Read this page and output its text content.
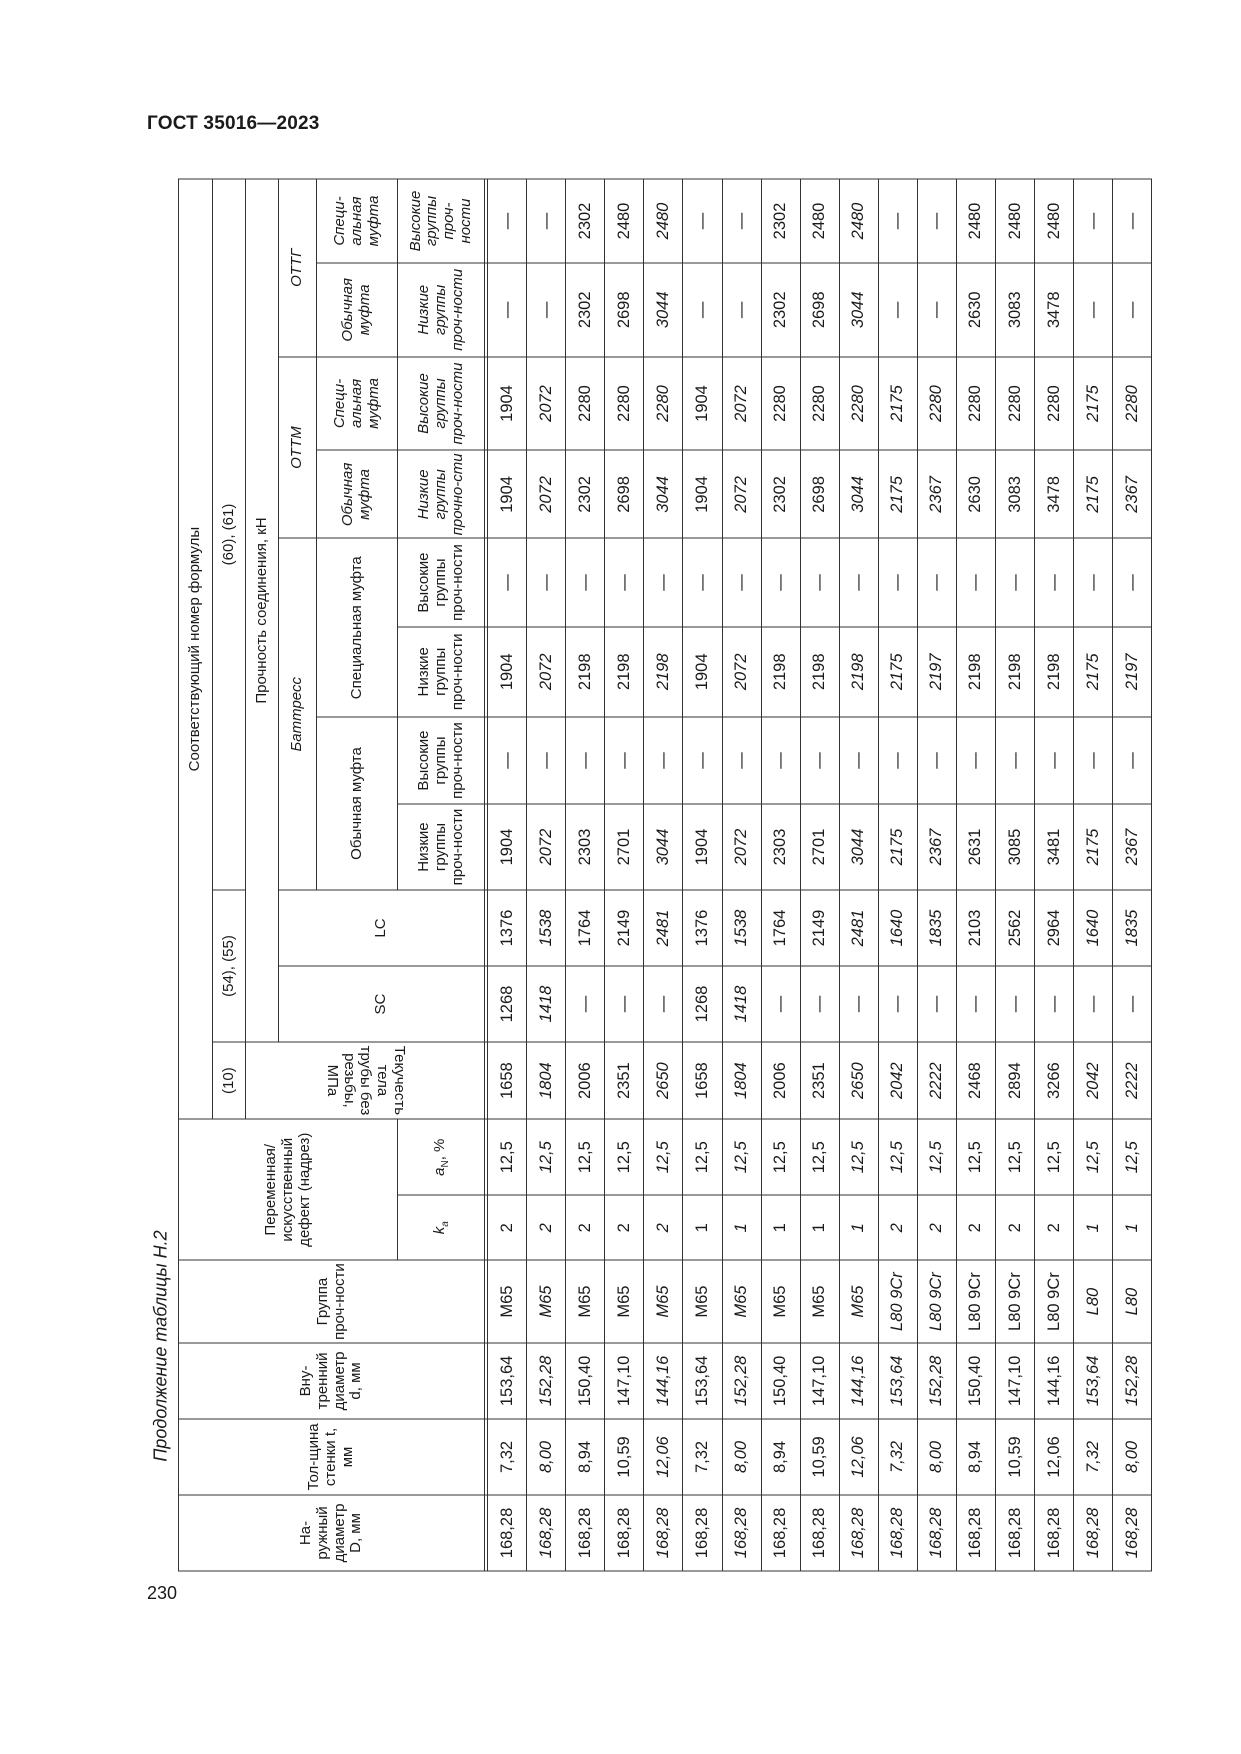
ГОСТ 35016—2023
Продолжение таблицы Н.2
230
На-ружный диаметр D, мм	Тол-щина стенки t, мм	Вну-тренний диаметр d, мм	Группа проч-ности	Переменная/искусственный дефект (надрез)		Соответствующий номер формулы										
						(10)	(54), (55)		(60), (61)							
						Текучесть тела трубы без резьбы, МПа	Прочность соединения, кН									
							SC	LC	Баттресс				ОТТМ		ОТТГ	
									Обычная муфта		Специальная муфта		Обычная муфта	Специ-альная муфта	Обычная муфта	Специ-альная муфта
				$k_a$	$a_N$, %				Низкие группы проч-ности	Высокие группы проч-ности	Низкие группы проч-ности	Высокие группы проч-ности	Низкие группы прочно-сти	Высокие группы проч-ности	Низкие группы проч-ности	Высокие группы проч-ности

168,28	7,32	153,64	М65	2	12,5	1658	1268	1376	1904	—	1904	—	1904	1904	—	—
168,28	8,00	152,28	М65	2	12,5	1804	1418	1538	2072	—	2072	—	2072	2072	—	—
168,28	8,94	150,40	М65	2	12,5	2006	—	1764	2303	—	2198	—	2302	2280	2302	2302
168,28	10,59	147,10	М65	2	12,5	2351	—	2149	2701	—	2198	—	2698	2280	2698	2480
168,28	12,06	144,16	М65	2	12,5	2650	—	2481	3044	—	2198	—	3044	2280	3044	2480
168,28	7,32	153,64	М65	1	12,5	1658	1268	1376	1904	—	1904	—	1904	1904	—	—
168,28	8,00	152,28	М65	1	12,5	1804	1418	1538	2072	—	2072	—	2072	2072	—	—
168,28	8,94	150,40	М65	1	12,5	2006	—	1764	2303	—	2198	—	2302	2280	2302	2302
168,28	10,59	147,10	М65	1	12,5	2351	—	2149	2701	—	2198	—	2698	2280	2698	2480
168,28	12,06	144,16	М65	1	12,5	2650	—	2481	3044	—	2198	—	3044	2280	3044	2480
168,28	7,32	153,64	L80 9Cr	2	12,5	2042	—	1640	2175	—	2175	—	2175	2175	—	—
168,28	8,00	152,28	L80 9Cr	2	12,5	2222	—	1835	2367	—	2197	—	2367	2280	—	—
168,28	8,94	150,40	L80 9Cr	2	12,5	2468	—	2103	2631	—	2198	—	2630	2280	2630	2480
168,28	10,59	147,10	L80 9Cr	2	12,5	2894	—	2562	3085	—	2198	—	3083	2280	3083	2480
168,28	12,06	144,16	L80 9Cr	2	12,5	3266	—	2964	3481	—	2198	—	3478	2280	3478	2480
168,28	7,32	153,64	L80	1	12,5	2042	—	1640	2175	—	2175	—	2175	2175	—	—
168,28	8,00	152,28	L80	1	12,5	2222	—	1835	2367	—	2197	—	2367	2280	—	—
